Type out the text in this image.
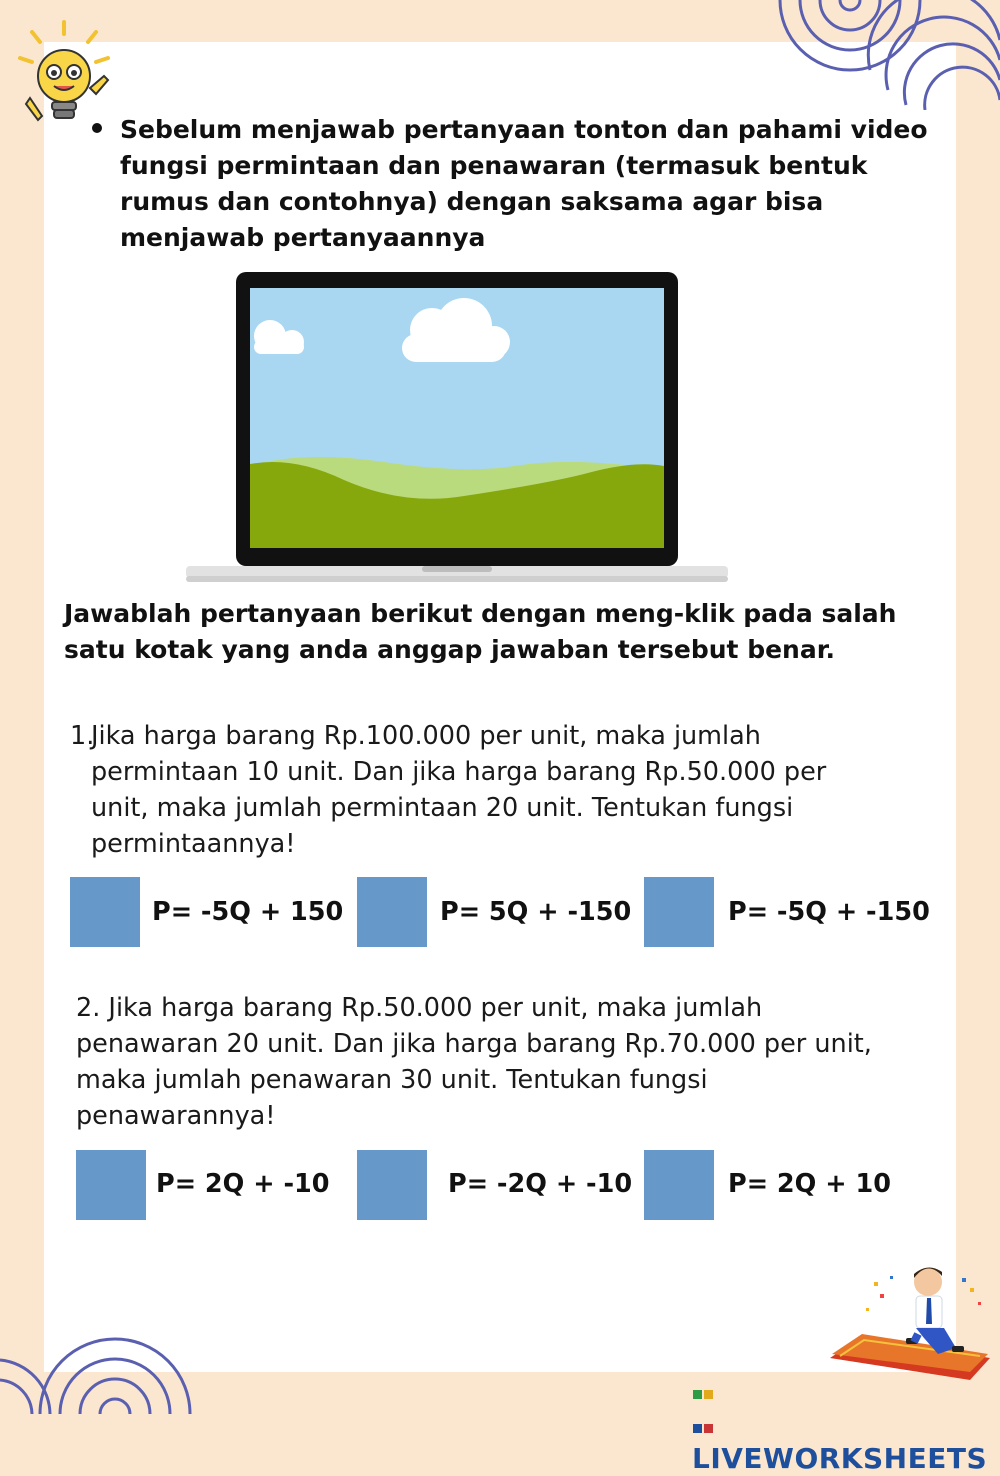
Sebelum menjawab pertanyaan tonton dan pahami video fungsi permintaan dan penawaran (termasuk bentuk rumus dan contohnya) dengan saksama agar bisa menjawab pertanyaannya
Jawablah pertanyaan berikut dengan meng-klik pada salah satu kotak yang anda anggap jawaban tersebut benar.
1.
Jika harga barang Rp.100.000 per unit, maka jumlah permintaan 10 unit. Dan jika harga barang Rp.50.000 per unit, maka jumlah permintaan 20 unit. Tentukan fungsi permintaannya!
P= -5Q + 150	P= 5Q + -150	P= -5Q + -150
2. Jika harga barang Rp.50.000 per unit, maka jumlah penawaran 20 unit. Dan jika harga barang Rp.70.000 per unit, maka jumlah penawaran 30 unit. Tentukan fungsi penawarannya!
P= 2Q + -10	P= -2Q + -10	P= 2Q + 10

LIVEWORKSHEETS
